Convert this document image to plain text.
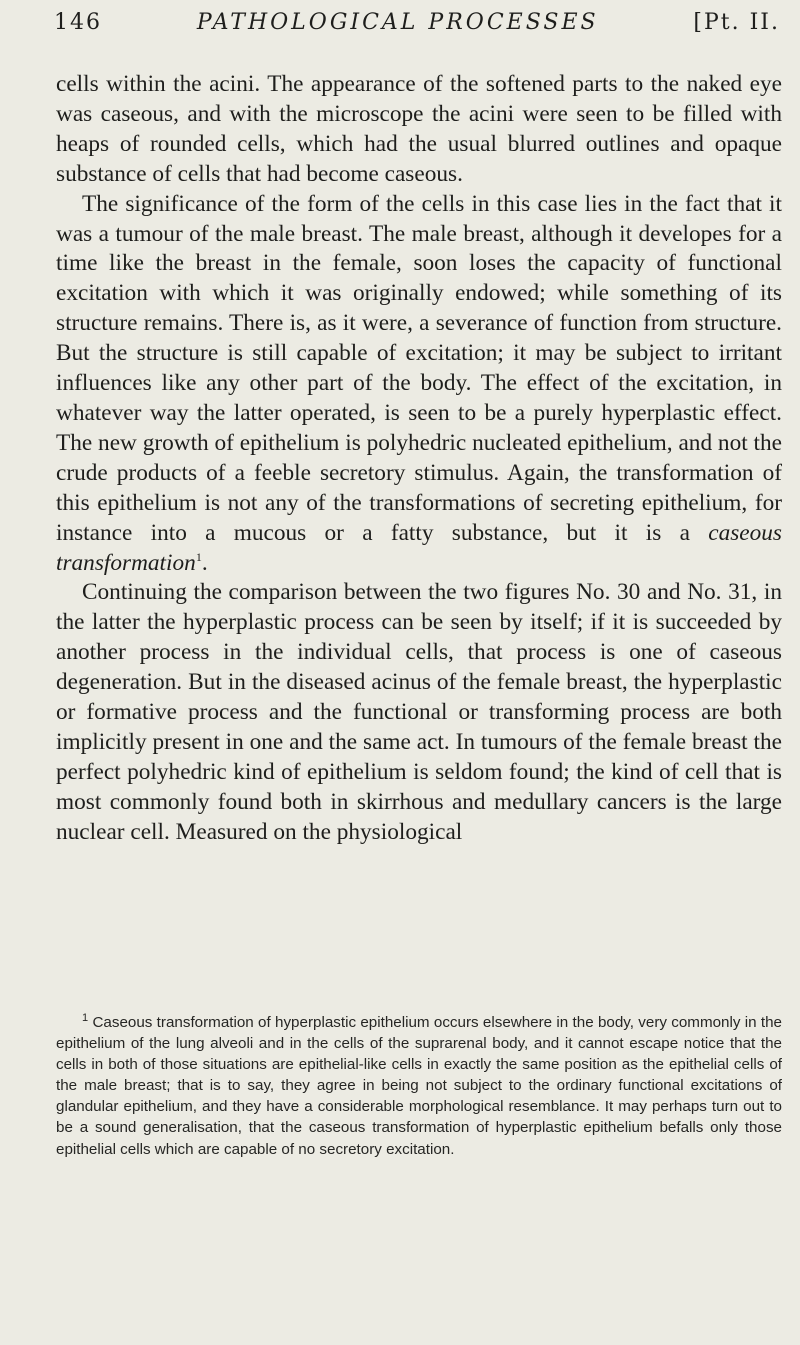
146	PATHOLOGICAL PROCESSES	[Pt. II.

cells within the acini. The appearance of the softened parts to the naked eye was caseous, and with the microscope the acini were seen to be filled with heaps of rounded cells, which had the usual blurred outlines and opaque substance of cells that had become caseous.

The significance of the form of the cells in this case lies in the fact that it was a tumour of the male breast. The male breast, although it developes for a time like the breast in the female, soon loses the capacity of functional excitation with which it was originally endowed; while something of its structure remains. There is, as it were, a severance of function from structure. But the structure is still capable of excitation; it may be subject to irritant influences like any other part of the body. The effect of the excitation, in whatever way the latter operated, is seen to be a purely hyperplastic effect. The new growth of epithelium is polyhedric nucleated epithelium, and not the crude products of a feeble secretory stimulus. Again, the transformation of this epithelium is not any of the transformations of secreting epithelium, for instance into a mucous or a fatty substance, but it is a caseous transformation$^1$.

Continuing the comparison between the two figures No. 30 and No. 31, in the latter the hyperplastic process can be seen by itself; if it is succeeded by another process in the individual cells, that process is one of caseous degeneration. But in the diseased acinus of the female breast, the hyperplastic or formative process and the functional or transforming process are both implicitly present in one and the same act. In tumours of the female breast the perfect polyhedric kind of epithelium is seldom found; the kind of cell that is most commonly found both in skirrhous and medullary cancers is the large nuclear cell. Measured on the physiological

$^1$ Caseous transformation of hyperplastic epithelium occurs elsewhere in the body, very commonly in the epithelium of the lung alveoli and in the cells of the suprarenal body, and it cannot escape notice that the cells in both of those situations are epithelial-like cells in exactly the same position as the epithelial cells of the male breast; that is to say, they agree in being not subject to the ordinary functional excitations of glandular epithelium, and they have a considerable morphological resemblance. It may perhaps turn out to be a sound generalisation, that the caseous transformation of hyperplastic epithelium befalls only those epithelial cells which are capable of no secretory excitation.
